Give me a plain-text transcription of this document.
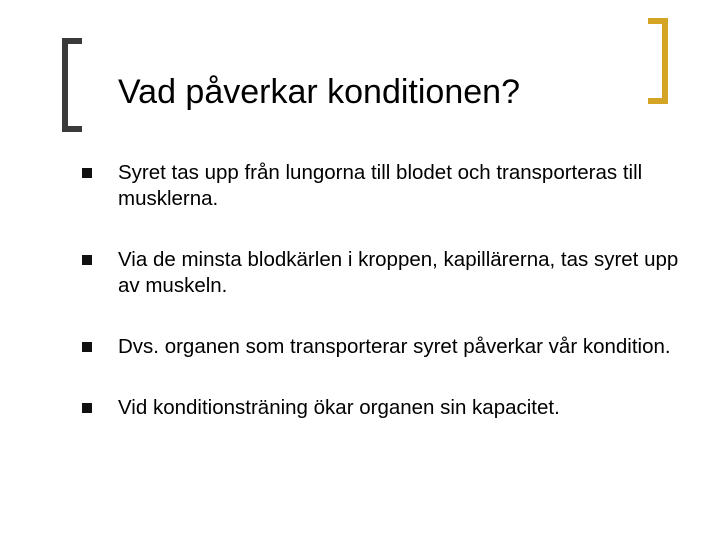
Vad påverkar konditionen?
Syret tas upp från lungorna till blodet och transporteras till musklerna.
Via de minsta blodkärlen i kroppen, kapillärerna, tas syret upp av muskeln.
Dvs. organen som transporterar syret påverkar vår kondition.
Vid konditionsträning ökar organen sin kapacitet.
